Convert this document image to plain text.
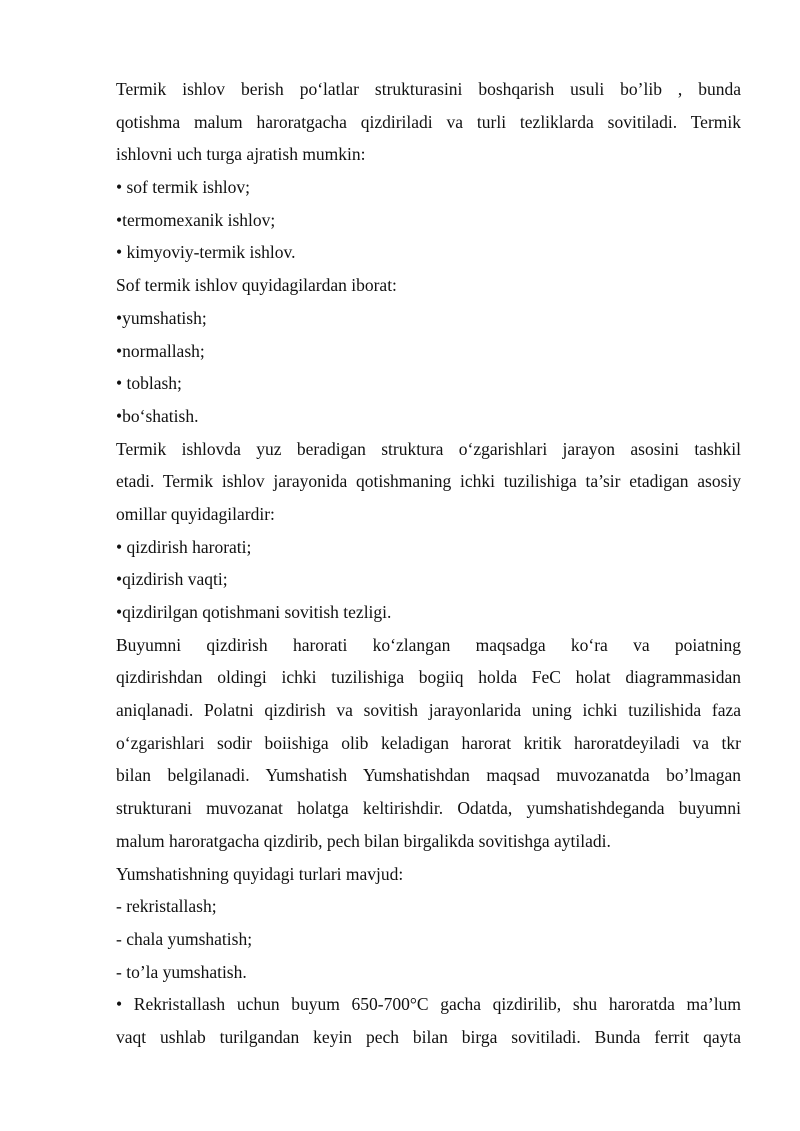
Termik ishlov berish po‘latlar strukturasini boshqarish usuli bo’lib , bunda
qotishma malum haroratgacha qizdiriladi va turli tezliklarda sovitiladi. Termik
ishlovni uch turga ajratish mumkin:
• sof termik ishlov;
•termomexanik ishlov;
• kimyoviy-termik ishlov.
Sof termik ishlov quyidagilardan iborat:
•yumshatish;
•normallash;
• toblash;
•bo‘shatish.
Termik ishlovda yuz beradigan struktura o‘zgarishlari jarayon asosini tashkil
etadi. Termik ishlov jarayonida qotishmaning ichki tuzilishiga ta’sir etadigan asosiy
omillar quyidagilardir:
• qizdirish harorati;
•qizdirish vaqti;
•qizdirilgan qotishmani sovitish tezligi.
Buyumni qizdirish harorati ko‘zlangan maqsadga ko‘ra va poiatning
qizdirishdan oldingi ichki tuzilishiga bogiiq holda FeC holat diagrammasidan
aniqlanadi. Polatni qizdirish va sovitish jarayonlarida uning ichki tuzilishida faza
o‘zgarishlari sodir boiishiga olib keladigan harorat kritik haroratdeyiladi va tkr
bilan belgilanadi. Yumshatish Yumshatishdan maqsad muvozanatda bo’lmagan
strukturani muvozanat holatga keltirishdir. Odatda, yumshatishdeganda buyumni
malum haroratgacha qizdirib, pech bilan birgalikda sovitishga aytiladi.
Yumshatishning quyidagi turlari mavjud:
- rekristallash;
- chala yumshatish;
- to’la yumshatish.
• Rekristallash uchun buyum 650-700°C gacha qizdirilib, shu haroratda ma’lum
vaqt ushlab turilgandan keyin pech bilan birga sovitiladi. Bunda ferrit qayta
